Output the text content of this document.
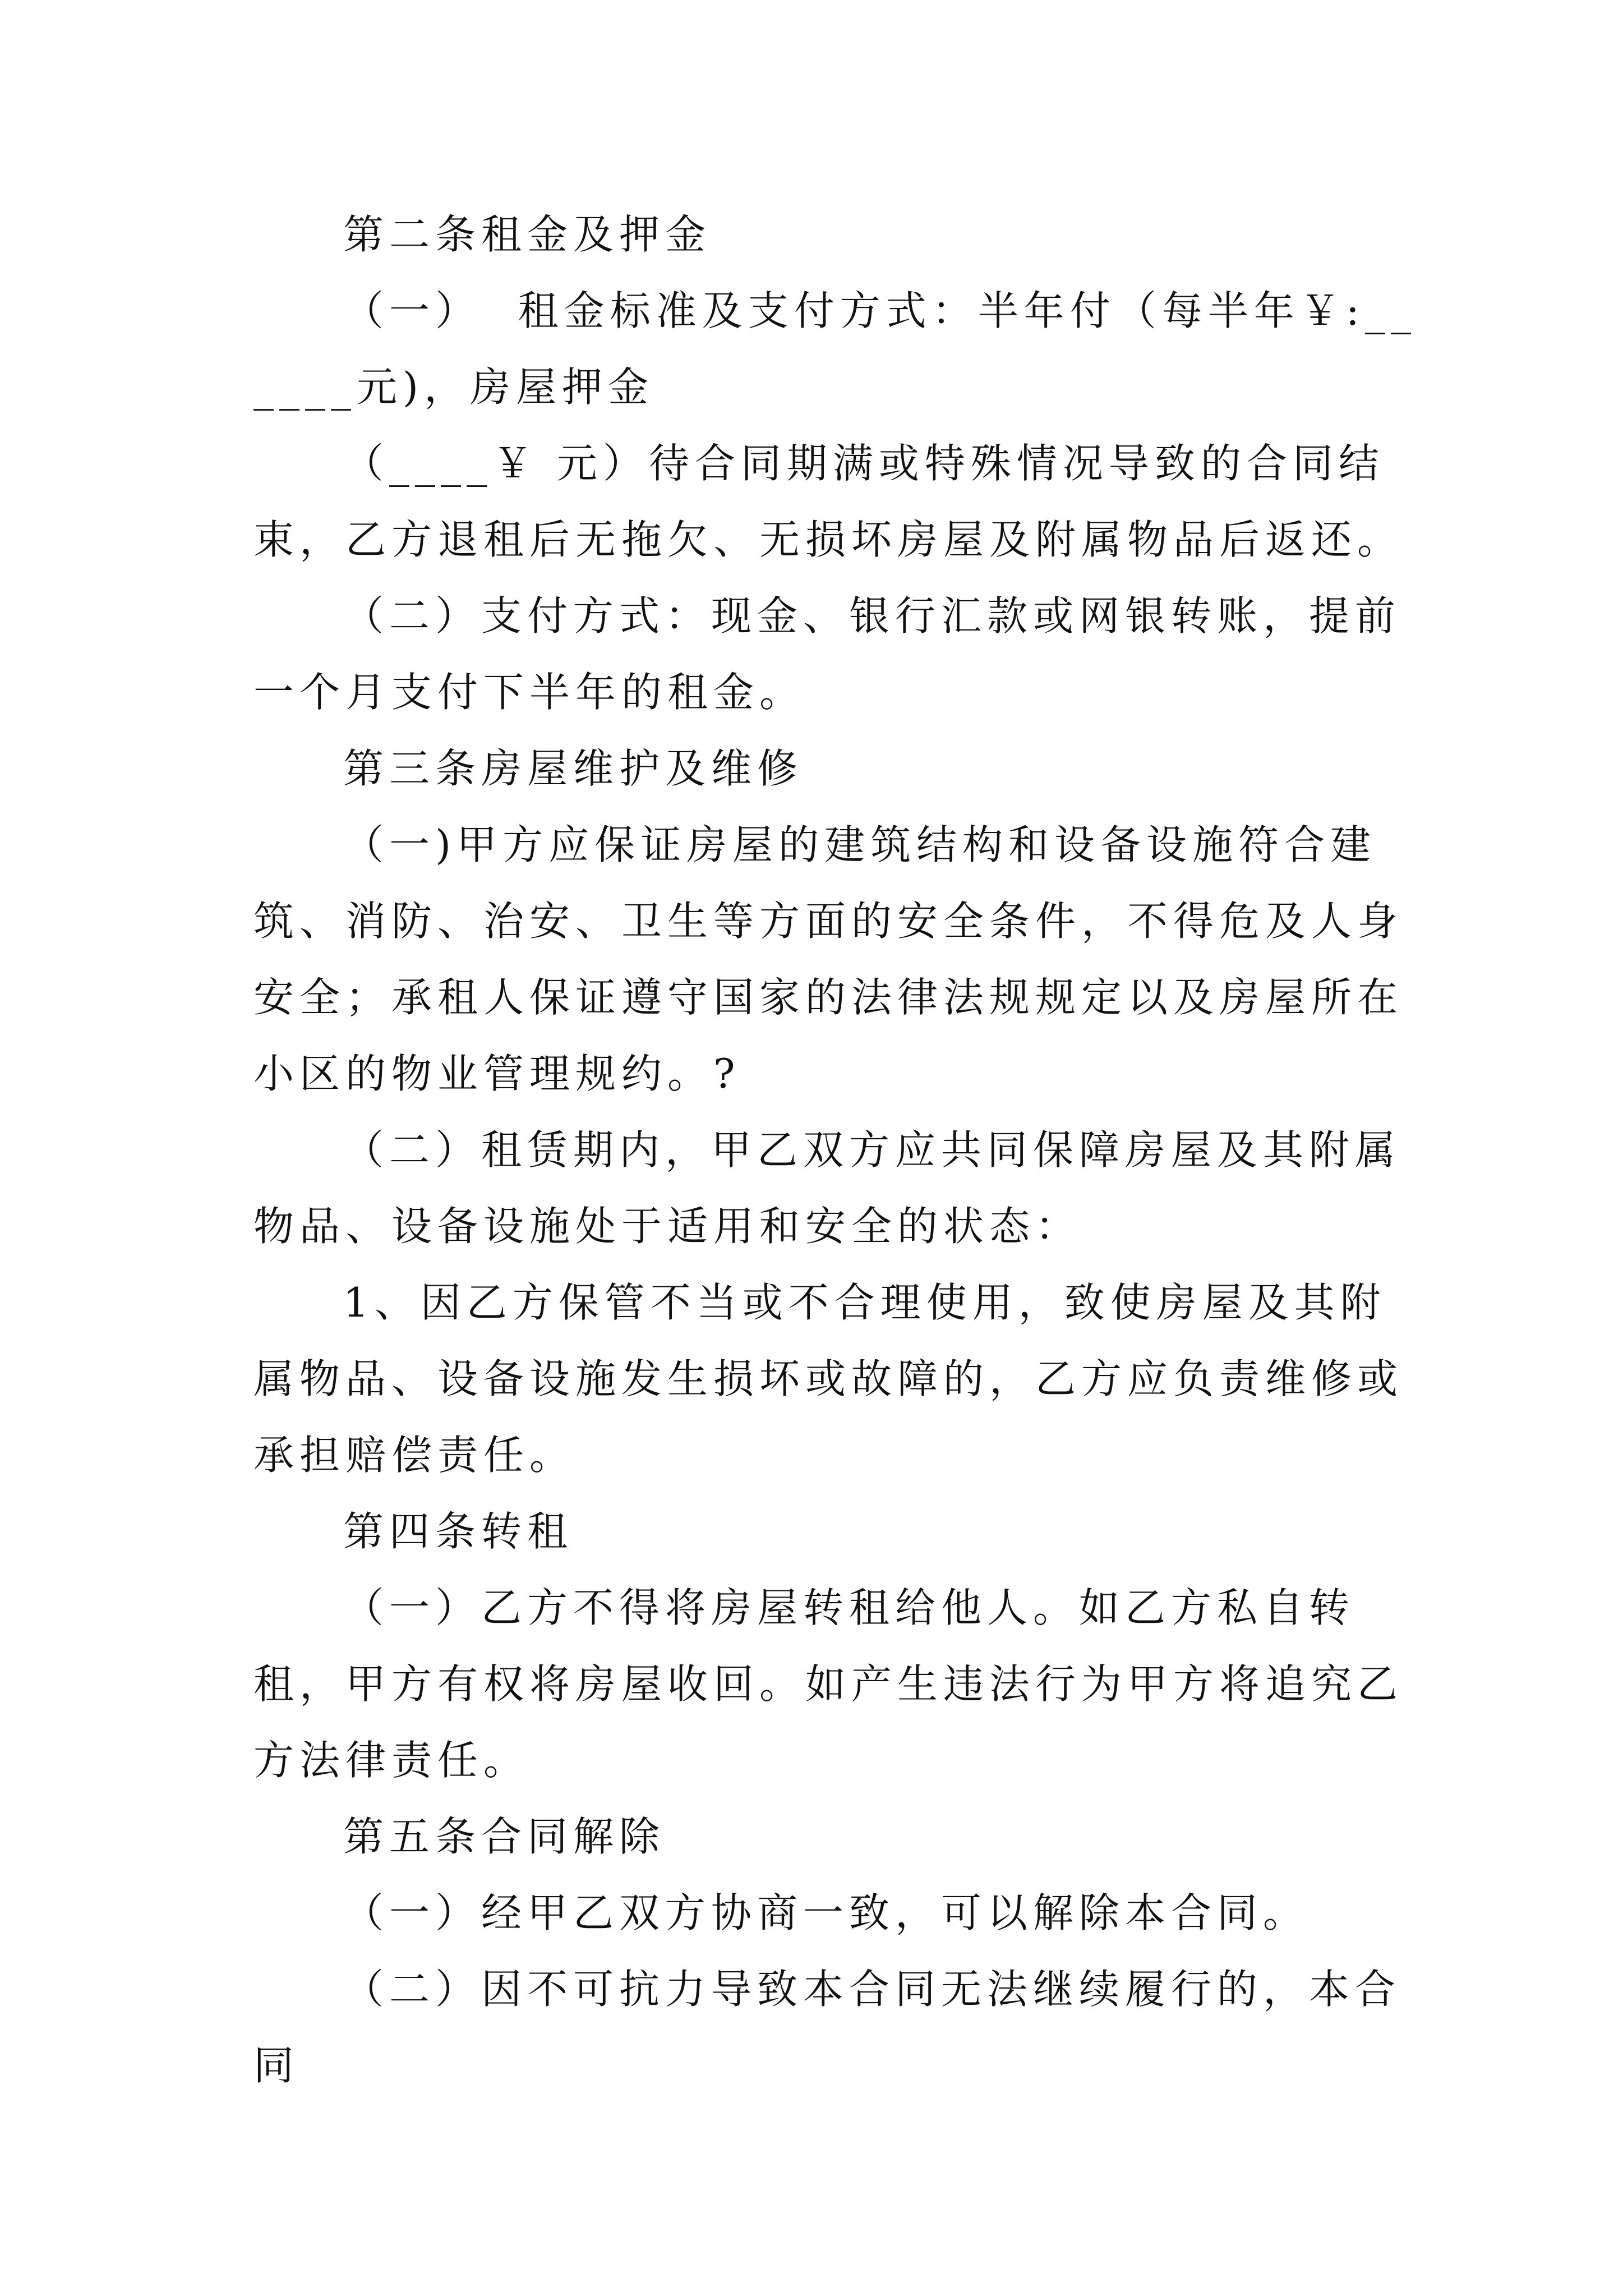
第二条租金及押金

（一）  租金标准及支付方式：半年付（每半年￥:______元)，房屋押金

（____￥ 元）待合同期满或特殊情况导致的合同结束，乙方退租后无拖欠、无损坏房屋及附属物品后返还。

（二）支付方式：现金、银行汇款或网银转账，提前一个月支付下半年的租金。

第三条房屋维护及维修

（一)甲方应保证房屋的建筑结构和设备设施符合建筑、消防、治安、卫生等方面的安全条件，不得危及人身安全；承租人保证遵守国家的法律法规规定以及房屋所在小区的物业管理规约。?

（二）租赁期内，甲乙双方应共同保障房屋及其附属物品、设备设施处于适用和安全的状态：

1、因乙方保管不当或不合理使用，致使房屋及其附属物品、设备设施发生损坏或故障的，乙方应负责维修或承担赔偿责任。

第四条转租

（一）乙方不得将房屋转租给他人。如乙方私自转租，甲方有权将房屋收回。如产生违法行为甲方将追究乙方法律责任。

第五条合同解除

（一）经甲乙双方协商一致，可以解除本合同。

（二）因不可抗力导致本合同无法继续履行的，本合同
